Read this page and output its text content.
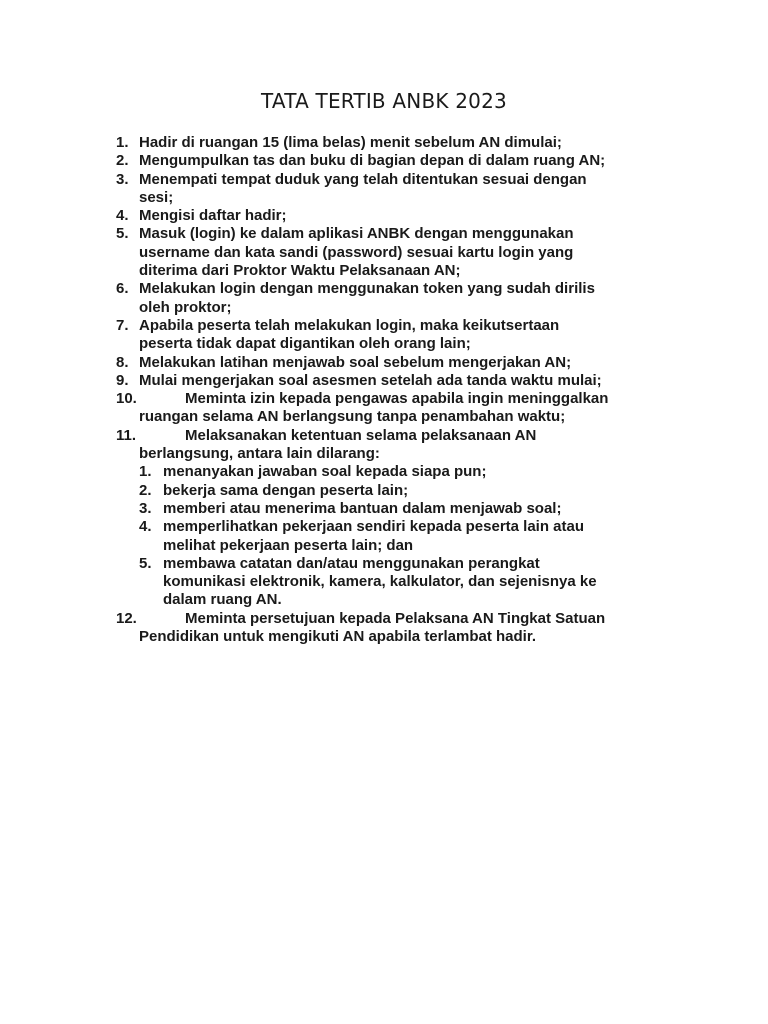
TATA TERTIB ANBK 2023
1. Hadir di ruangan 15 (lima belas) menit sebelum AN dimulai;
2. Mengumpulkan tas dan buku di bagian depan di dalam ruang AN;
3. Menempati tempat duduk yang telah ditentukan sesuai dengan
sesi;
4. Mengisi daftar hadir;
5. Masuk (login) ke dalam aplikasi ANBK dengan menggunakan
username dan kata sandi (password) sesuai kartu login yang
diterima dari Proktor Waktu Pelaksanaan AN;
6. Melakukan login dengan menggunakan token yang sudah dirilis
oleh proktor;
7. Apabila peserta telah melakukan login, maka keikutsertaan
peserta tidak dapat digantikan oleh orang lain;
8. Melakukan latihan menjawab soal sebelum mengerjakan AN;
9. Mulai mengerjakan soal asesmen setelah ada tanda waktu mulai;
10.	Meminta izin kepada pengawas apabila ingin meninggalkan
ruangan selama AN berlangsung tanpa penambahan waktu;
11.	Melaksanakan ketentuan selama pelaksanaan AN
berlangsung, antara lain dilarang:
1. menanyakan jawaban soal kepada siapa pun;
2. bekerja sama dengan peserta lain;
3. memberi atau menerima bantuan dalam menjawab soal;
4. memperlihatkan pekerjaan sendiri kepada peserta lain atau
melihat pekerjaan peserta lain; dan
5. membawa catatan dan/atau menggunakan perangkat
komunikasi elektronik, kamera, kalkulator, dan sejenisnya ke
dalam ruang AN.
12.	Meminta persetujuan kepada Pelaksana AN Tingkat Satuan
Pendidikan untuk mengikuti AN apabila terlambat hadir.
